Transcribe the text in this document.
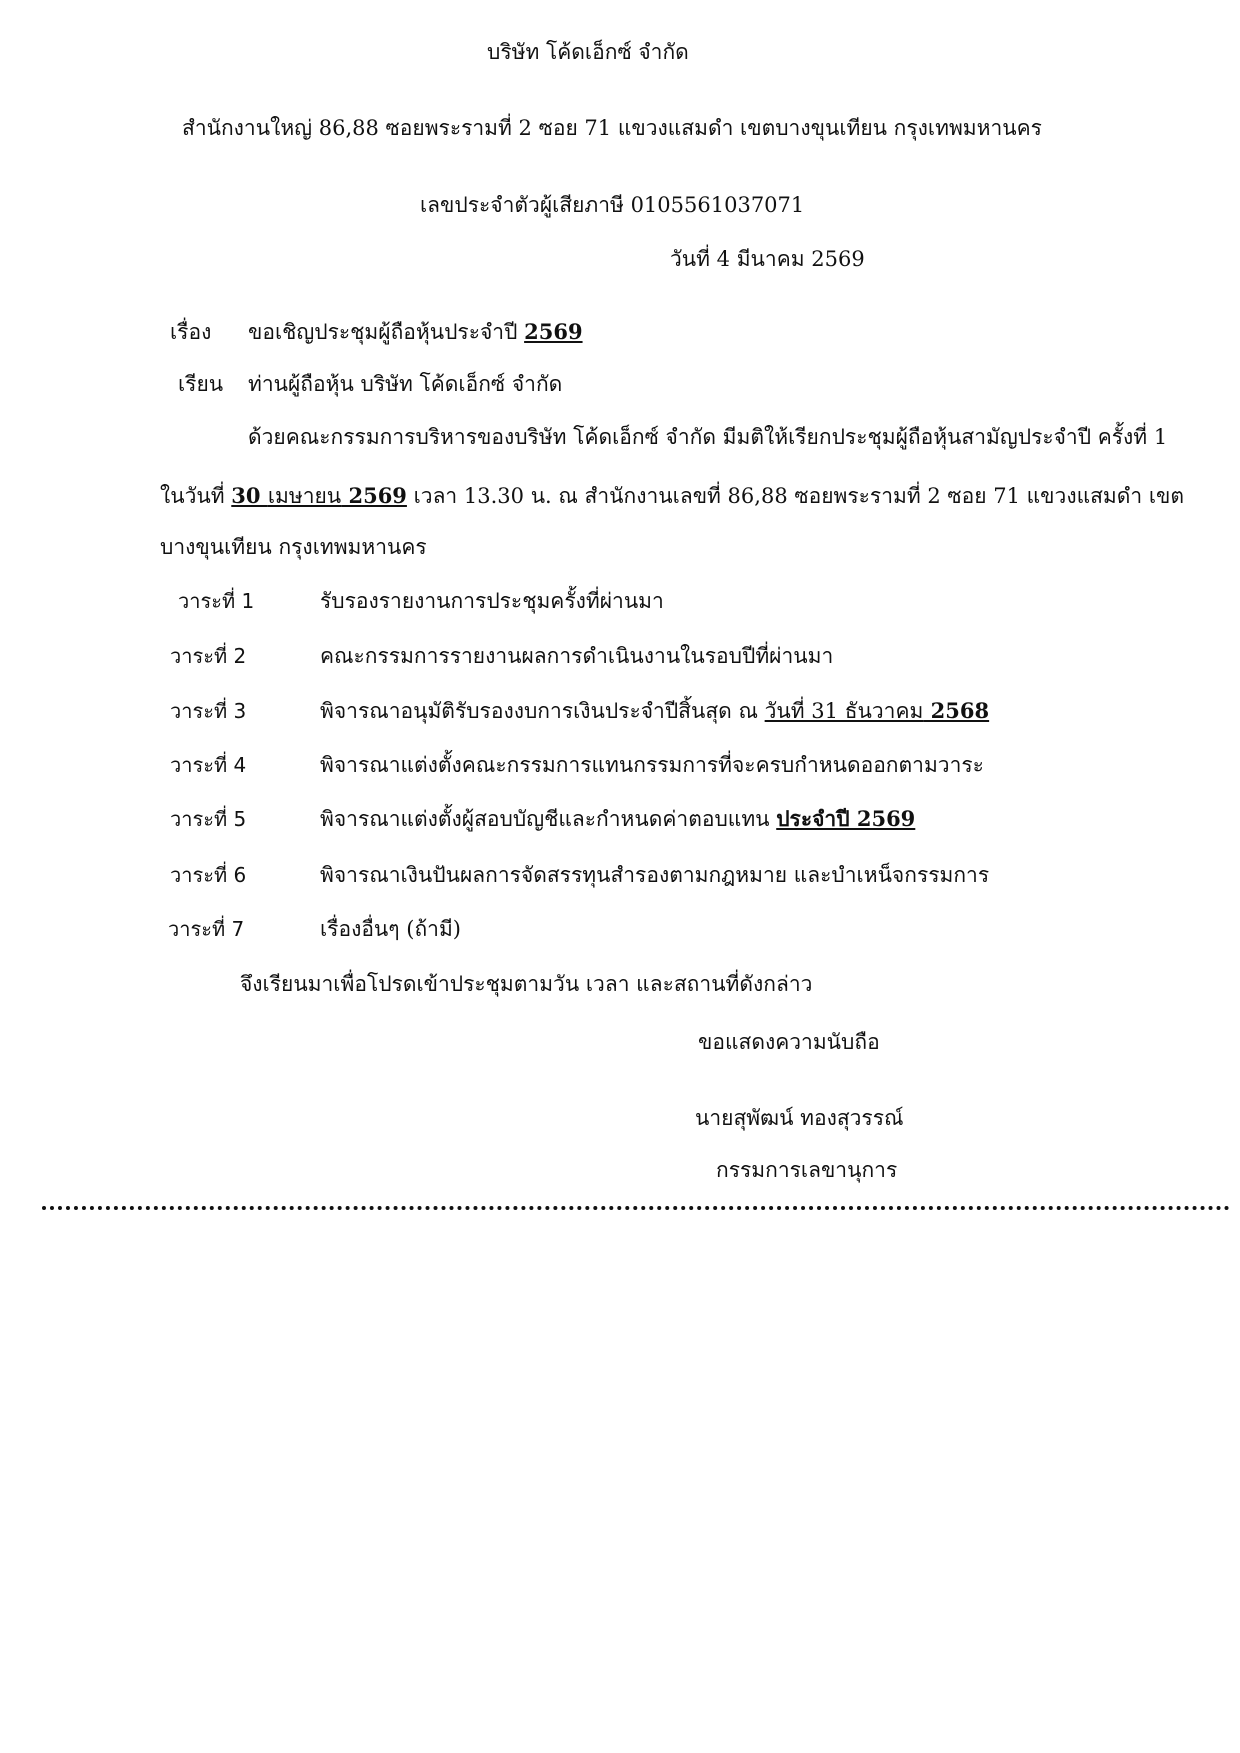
บริษัท โค้ดเอ็กซ์ จำกัด
สำนักงานใหญ่ 86,88 ซอยพระรามที่ 2 ซอย 71 แขวงแสมดำ เขตบางขุนเทียน กรุงเทพมหานคร
เลขประจำตัวผู้เสียภาษี 0105561037071
วันที่ 4 มีนาคม 2569
เรื่อง ขอเชิญประชุมผู้ถือหุ้นประจำปี 2569
เรียน ท่านผู้ถือหุ้น บริษัท โค้ดเอ็กซ์ จำกัด
ด้วยคณะกรรมการบริหารของบริษัท โค้ดเอ็กซ์ จำกัด มีมติให้เรียกประชุมผู้ถือหุ้นสามัญประจำปี ครั้งที่ 1
ในวันที่ 30 เมษายน 2569 เวลา 13.30 น. ณ สำนักงานเลขที่ 86,88 ซอยพระรามที่ 2 ซอย 71 แขวงแสมดำ เขต
บางขุนเทียน กรุงเทพมหานคร
วาระที่ 1	รับรองรายงานการประชุมครั้งที่ผ่านมา
วาระที่ 2	คณะกรรมการรายงานผลการดำเนินงานในรอบปีที่ผ่านมา
วาระที่ 3	พิจารณาอนุมัติรับรองงบการเงินประจำปีสิ้นสุด ณ วันที่ 31 ธันวาคม 2568
วาระที่ 4	พิจารณาแต่งตั้งคณะกรรมการแทนกรรมการที่จะครบกำหนดออกตามวาระ
วาระที่ 5	พิจารณาแต่งตั้งผู้สอบบัญชีและกำหนดค่าตอบแทน ประจำปี 2569
วาระที่ 6	พิจารณาเงินปันผลการจัดสรรทุนสำรองตามกฎหมาย และบำเหน็จกรรมการ
วาระที่ 7	เรื่องอื่นๆ (ถ้ามี)
จึงเรียนมาเพื่อโปรดเข้าประชุมตามวัน เวลา และสถานที่ดังกล่าว
ขอแสดงความนับถือ
นายสุพัฒน์ ทองสุวรรณ์
กรรมการเลขานุการ
